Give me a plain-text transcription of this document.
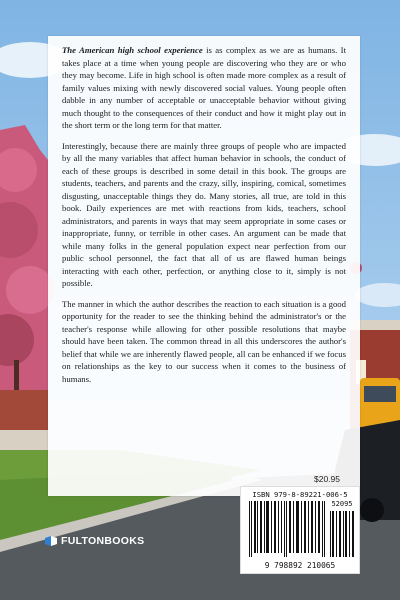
The American high school experience is as complex as we are as humans. It takes place at a time when young people are discovering who they are or who they may become. Life in high school is often made more complex as a result of family values mixing with newly discovered social values. Young people often dabble in any number of acceptable or unacceptable behavior without giving much thought to the consequences of their conduct and how it might play out in the short term or the long term for that matter.

Interestingly, because there are mainly three groups of people who are impacted by all the many variables that affect human behavior in schools, the conduct of each of these groups is described in some detail in this book. The groups are students, teachers, and parents and the crazy, silly, inspiring, comical, sometimes disgusting, unacceptable things they do. Many stories, all true, are told in this book. Daily experiences are met with reactions from kids, teachers, school administrators, and parents in ways that may seem appropriate in some cases or inappropriate, funny, or terrible in other cases. An argument can be made that while many folks in the general population expect near perfection from our public school personnel, the fact that all of us are flawed human beings interacting with each other, perfection, or anything close to it, simply is not possible.

The manner in which the author describes the reaction to each situation is a good opportunity for the reader to see the thinking behind the administrator's or the teacher's response while allowing for other possible resolutions that maybe should have been taken. The common thread in all this underscores the author's belief that while we are inherently flawed people, all can be enhanced if we focus on relationships as the key to our success when it comes to the business of humans.

$20.95
ISBN 979-8-89221-006-5
52095
9 798892 210065
FULTONBOOKS
